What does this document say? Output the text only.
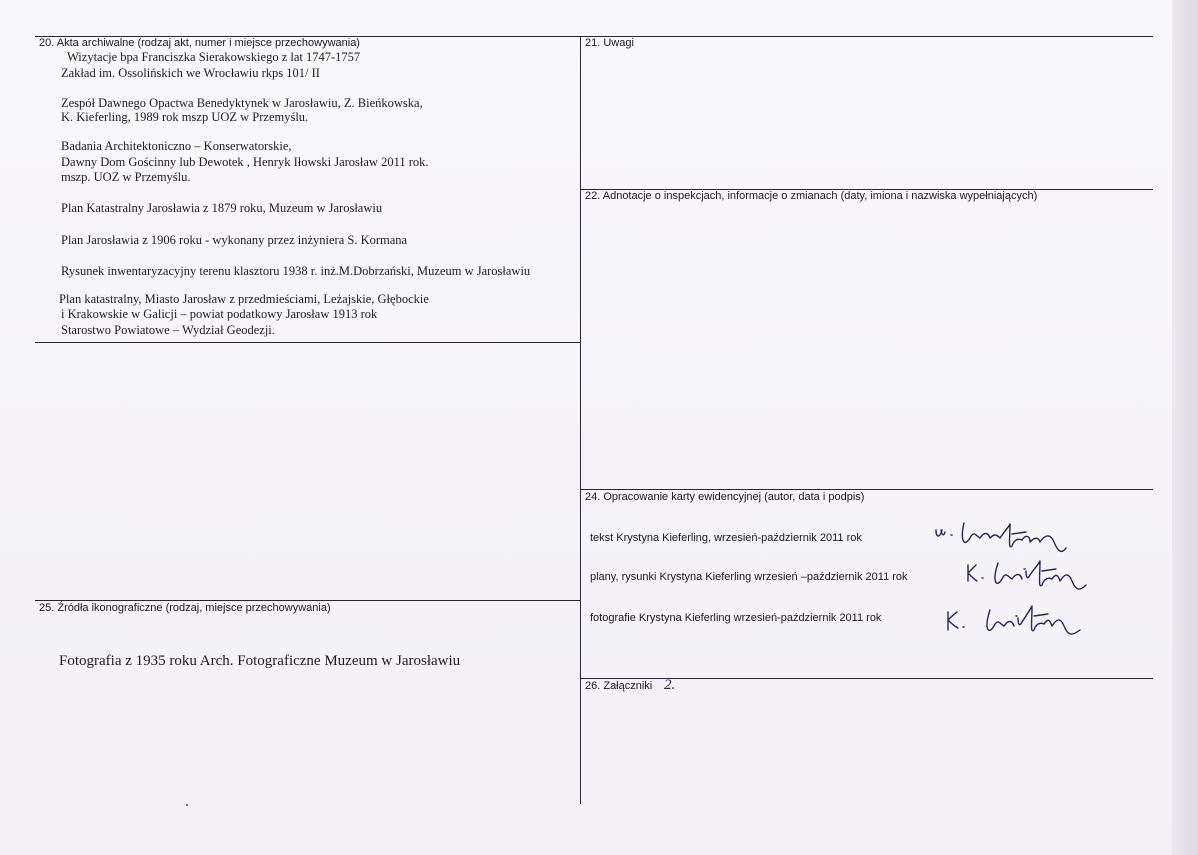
20. Akta archiwalne (rodzaj akt, numer i miejsce przechowywania)
Wizytacje bpa Franciszka Sierakowskiego z lat 1747-1757
Zakład im. Ossolińskich we Wrocławiu rkps 101/ II
Zespół Dawnego Opactwa Benedyktynek w Jarosławiu, Z. Bieńkowska,
K. Kieferling, 1989 rok mszp UOZ w Przemyślu.
Badania Architektoniczno – Konserwatorskie,
Dawny Dom Gościnny lub Dewotek , Henryk Iłowski Jarosław 2011 rok.
mszp. UOZ w Przemyślu.
Plan Katastralny Jarosławia z 1879 roku, Muzeum w Jarosławiu
Plan Jarosławia z 1906 roku - wykonany przez inżyniera S. Kormana
Rysunek inwentaryzacyjny terenu klasztoru 1938 r. inż.M.Dobrzański, Muzeum w Jarosławiu
Plan katastralny, Miasto Jarosław z przedmieściami, Leżajskie, Głębockie
i Krakowskie w Galicji – powiat podatkowy Jarosław 1913 rok
Starostwo Powiatowe – Wydział Geodezji.
21. Uwagi
22. Adnotacje o inspekcjach, informacje o zmianach (daty, imiona i nazwiska wypełniających)
24. Opracowanie karty ewidencyjnej (autor, data i podpis)
tekst Krystyna Kieferling, wrzesień-październik 2011 rok
plany, rysunki Krystyna Kieferling wrzesień –październik 2011 rok
fotografie Krystyna Kieferling wrzesień-październik 2011 rok
25. Źródła ikonograficzne (rodzaj, miejsce przechowywania)
Fotografia z 1935 roku Arch. Fotograficzne Muzeum w Jarosławiu
26. Załączniki 2.
